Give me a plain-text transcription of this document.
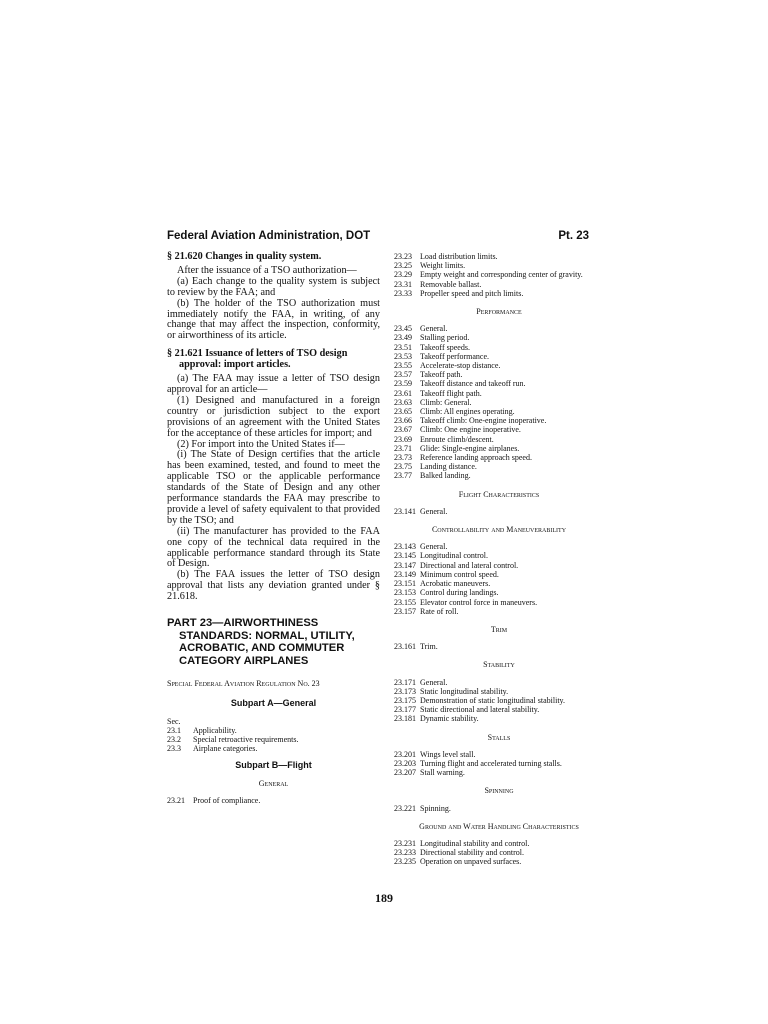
Federal Aviation Administration, DOT	Pt. 23
§ 21.620 Changes in quality system.

After the issuance of a TSO authorization—

(a) Each change to the quality system is subject to review by the FAA; and

(b) The holder of the TSO authorization must immediately notify the FAA, in writing, of any change that may affect the inspection, conformity, or airworthiness of its article.

§ 21.621 Issuance of letters of TSO design approval: import articles.

(a) The FAA may issue a letter of TSO design approval for an article—

(1) Designed and manufactured in a foreign country or jurisdiction subject to the export provisions of an agreement with the United States for the acceptance of these articles for import; and

(2) For import into the United States if—

(i) The State of Design certifies that the article has been examined, tested, and found to meet the applicable TSO or the applicable performance standards of the State of Design and any other performance standards the FAA may prescribe to provide a level of safety equivalent to that provided by the TSO; and

(ii) The manufacturer has provided to the FAA one copy of the technical data required in the applicable performance standard through its State of Design.

(b) The FAA issues the letter of TSO design approval that lists any deviation granted under § 21.618.

PART 23—AIRWORTHINESS STANDARDS: NORMAL, UTILITY, ACROBATIC, AND COMMUTER CATEGORY AIRPLANES
Special Federal Aviation Regulation No. 23
Subpart A—General
Sec.
23.1	Applicability.
23.2	Special retroactive requirements.
23.3	Airplane categories.
Subpart B—Flight
General
23.21	Proof of compliance.
23.23	Load distribution limits.
23.25	Weight limits.
23.29	Empty weight and corresponding center of gravity.
23.31	Removable ballast.
23.33	Propeller speed and pitch limits.
Performance
23.45	General.
23.49	Stalling period.
23.51	Takeoff speeds.
23.53	Takeoff performance.
23.55	Accelerate-stop distance.
23.57	Takeoff path.
23.59	Takeoff distance and takeoff run.
23.61	Takeoff flight path.
23.63	Climb: General.
23.65	Climb: All engines operating.
23.66	Takeoff climb: One-engine inoperative.
23.67	Climb: One engine inoperative.
23.69	Enroute climb/descent.
23.71	Glide: Single-engine airplanes.
23.73	Reference landing approach speed.
23.75	Landing distance.
23.77	Balked landing.
Flight Characteristics
23.141 General.
Controllability and Maneuverability
23.143 General.
23.145 Longitudinal control.
23.147 Directional and lateral control.
23.149 Minimum control speed.
23.151 Acrobatic maneuvers.
23.153 Control during landings.
23.155 Elevator control force in maneuvers.
23.157 Rate of roll.
Trim
23.161 Trim.
Stability
23.171 General.
23.173 Static longitudinal stability.
23.175 Demonstration of static longitudinal stability.
23.177 Static directional and lateral stability.
23.181 Dynamic stability.
Stalls
23.201 Wings level stall.
23.203 Turning flight and accelerated turning stalls.
23.207 Stall warning.
Spinning
23.221 Spinning.
Ground and Water Handling Characteristics
23.231 Longitudinal stability and control.
23.233 Directional stability and control.
23.235 Operation on unpaved surfaces.
189
